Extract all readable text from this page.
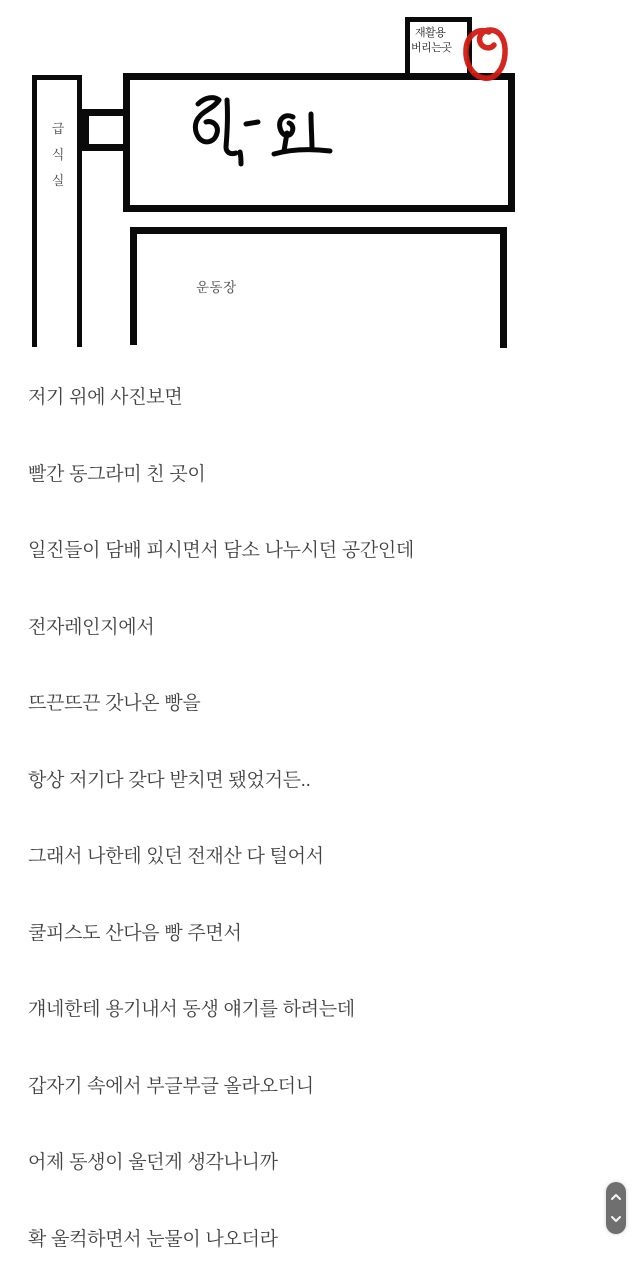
급식실
재활용
버리는곳
운동장

저기 위에 사진보면

빨간 동그라미 친 곳이

일진들이 담배 피시면서 담소 나누시던 공간인데

전자레인지에서

뜨끈뜨끈 갓나온 빵을

항상 저기다 갖다 받치면 됐었거든..

그래서 나한테 있던 전재산 다 털어서

쿨피스도 산다음 빵 주면서

걔네한테 용기내서 동생 얘기를 하려는데

갑자기 속에서 부글부글 올라오더니

어제 동생이 울던게 생각나니까

확 울컥하면서 눈물이 나오더라
